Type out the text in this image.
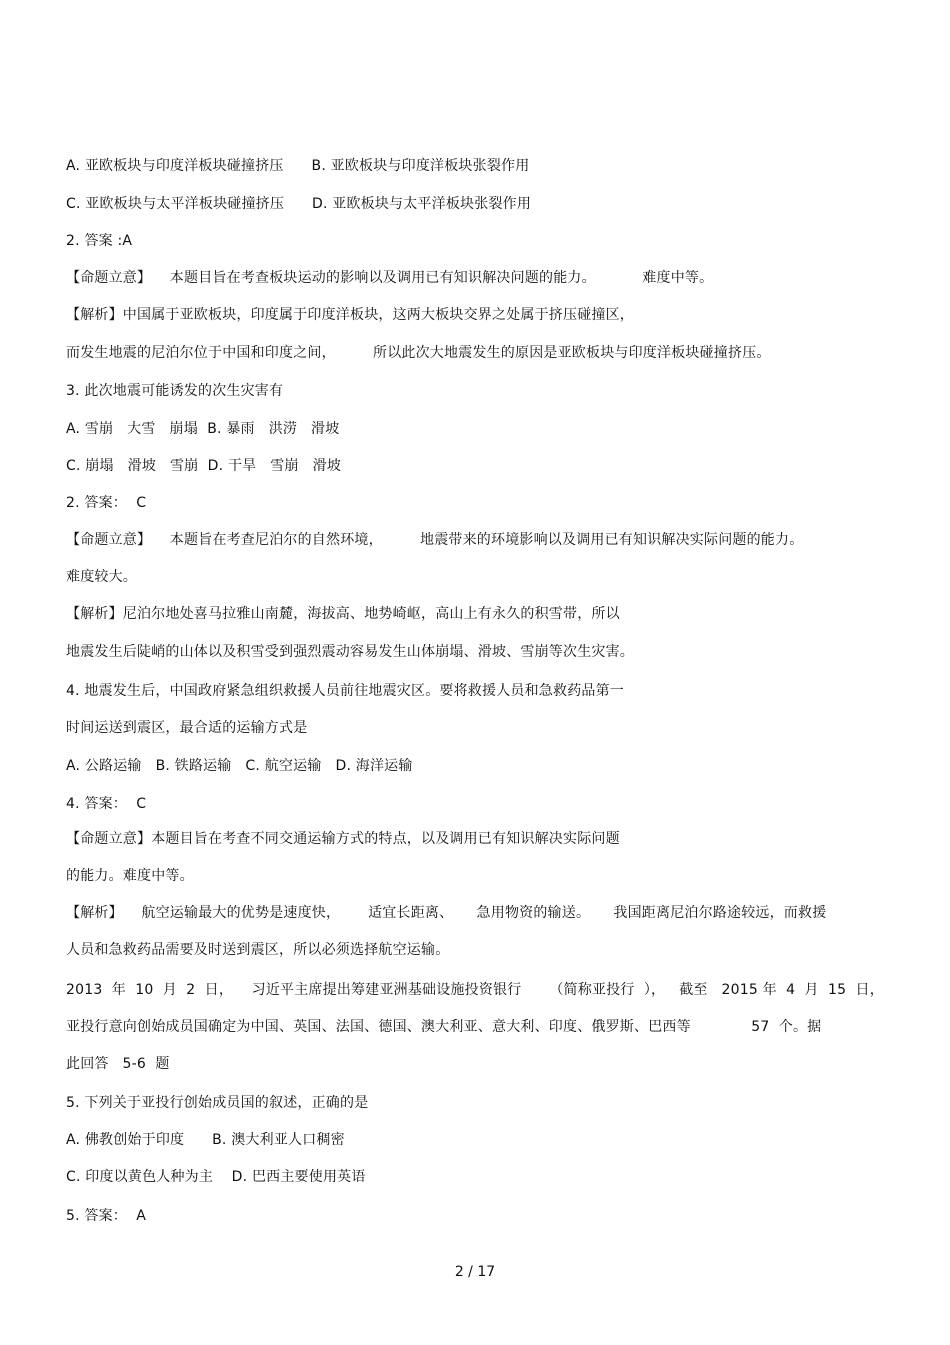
A. 亚欧板块与印度洋板块碰撞挤压      B. 亚欧板块与印度洋板块张裂作用
C. 亚欧板块与太平洋板块碰撞挤压      D. 亚欧板块与太平洋板块张裂作用
2. 答案 :A
【命题立意】    本题目旨在考查板块运动的影响以及调用已有知识解决问题的能力。          难度中等。
【解析】中国属于亚欧板块，印度属于印度洋板块，这两大板块交界之处属于挤压碰撞区，
而发生地震的尼泊尔位于中国和印度之间，        所以此次大地震发生的原因是亚欧板块与印度洋板块碰撞挤压。
3. 此次地震可能诱发的次生灾害有
A. 雪崩   大雪   崩塌  B. 暴雨   洪涝   滑坡
C. 崩塌   滑坡   雪崩  D. 干旱   雪崩   滑坡
2. 答案：  C
【命题立意】    本题旨在考查尼泊尔的自然环境，        地震带来的环境影响以及调用已有知识解决实际问题的能力。
难度较大。
【解析】尼泊尔地处喜马拉雅山南麓，海拔高、地势崎岖，高山上有永久的积雪带，所以
地震发生后陡峭的山体以及积雪受到强烈震动容易发生山体崩塌、滑坡、雪崩等次生灾害。
4. 地震发生后，中国政府紧急组织救援人员前往地震灾区。要将救援人员和急救药品第一
时间运送到震区，最合适的运输方式是
A. 公路运输   B. 铁路运输   C. 航空运输   D. 海洋运输
4. 答案：  C
【命题立意】本题目旨在考查不同交通运输方式的特点，以及调用已有知识解决实际问题
的能力。难度中等。
【解析】    航空运输最大的优势是速度快，      适宜长距离、     急用物资的输送。     我国距离尼泊尔路途较远，而救援
人员和急救药品需要及时送到震区，所以必须选择航空运输。
2013  年  10  月  2  日，    习近平主席提出筹建亚洲基础设施投资银行      （简称亚投行  ），   截至   2015 年  4  月  15  日，
亚投行意向创始成员国确定为中国、英国、法国、德国、澳大利亚、意大利、印度、俄罗斯、巴西等             57  个。据
此回答   5-6  题
5. 下列关于亚投行创始成员国的叙述，正确的是
A. 佛教创始于印度      B. 澳大利亚人口稠密
C. 印度以黄色人种为主    D. 巴西主要使用英语
5. 答案：  A
2 / 17
